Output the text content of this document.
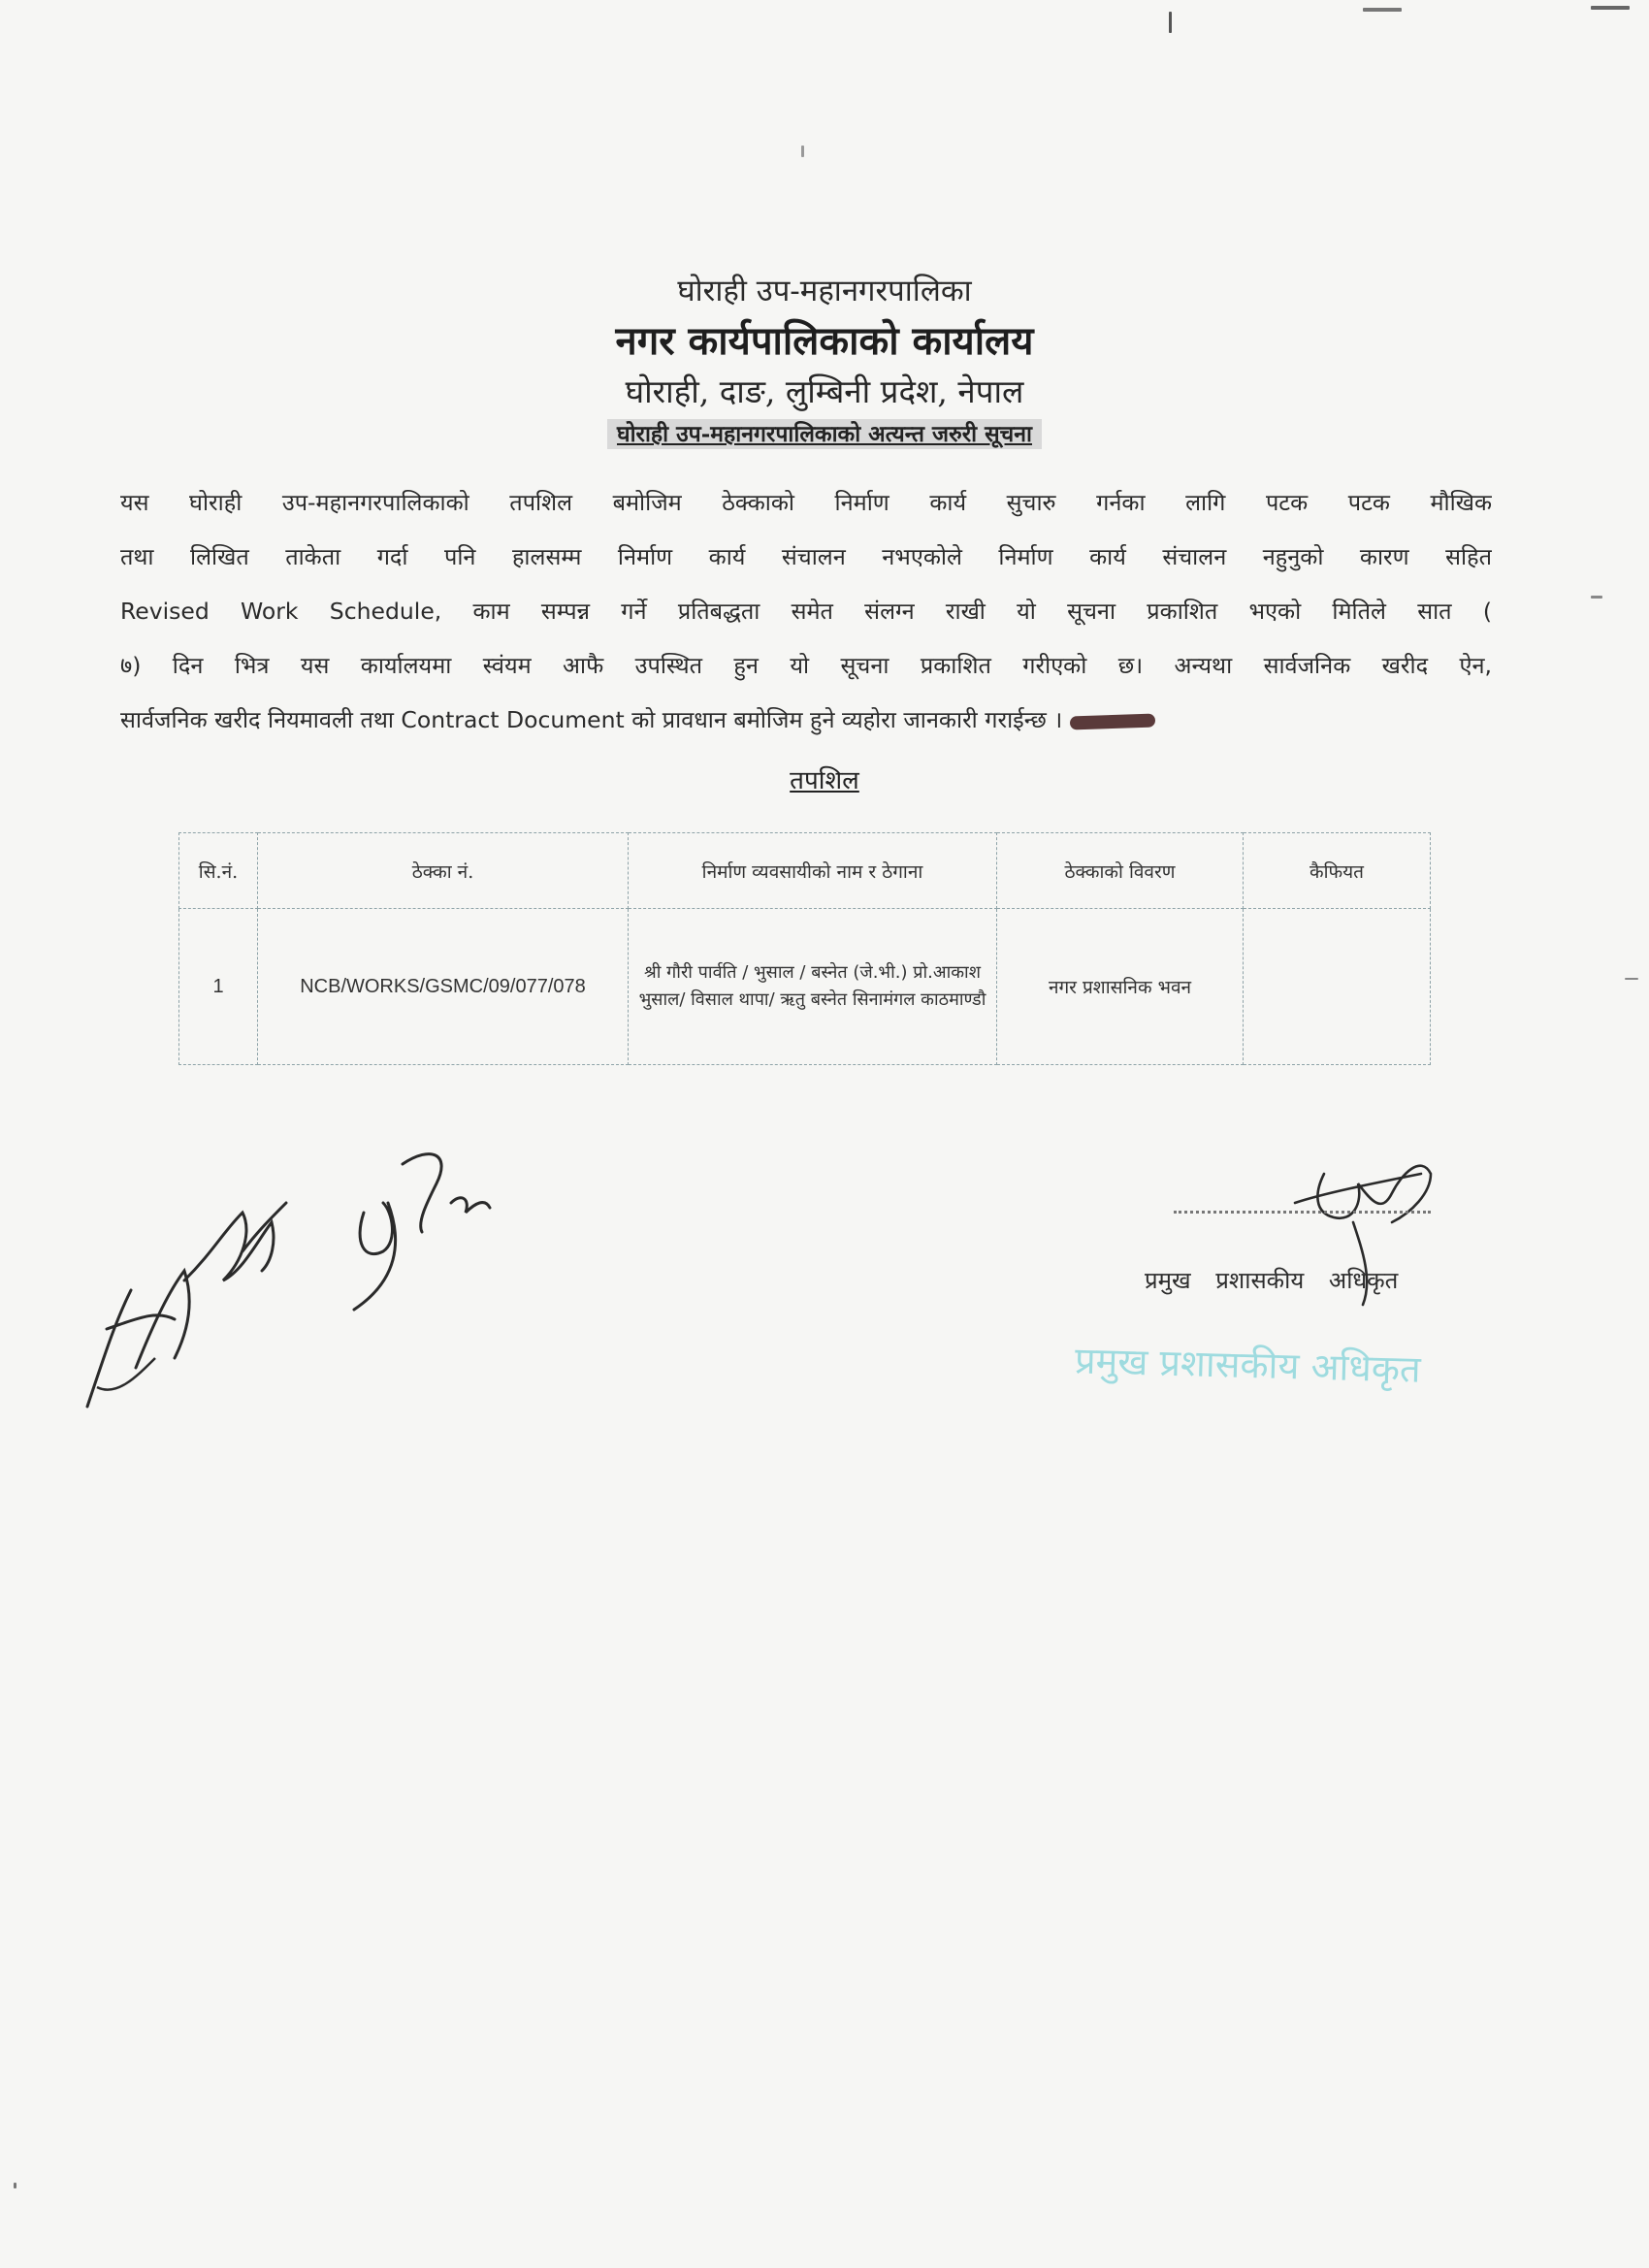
घोराही उप-महानगरपालिका
नगर कार्यपालिकाको कार्यालय
घोराही, दाङ, लुम्बिनी प्रदेश, नेपाल
घोराही उप-महानगरपालिकाको अत्यन्त जरुरी सूचना
यस घोराही उप-महानगरपालिकाको तपशिल बमोजिम ठेक्काको निर्माण कार्य सुचारु गर्नका लागि पटक पटक मौखिक
तथा लिखित ताकेता गर्दा पनि हालसम्म निर्माण कार्य संचालन नभएकोले निर्माण कार्य संचालन नहुनुको कारण सहित
Revised Work Schedule, काम सम्पन्न गर्ने प्रतिबद्धता समेत संलग्न राखी यो सूचना प्रकाशित भएको मितिले सात (
७) दिन भित्र यस कार्यालयमा स्वंयम आफै उपस्थित हुन यो सूचना प्रकाशित गरीएको छ। अन्यथा सार्वजनिक खरीद ऐन,
सार्वजनिक खरीद नियमावली तथा Contract Document को प्रावधान बमोजिम हुने व्यहोरा जानकारी गराईन्छ ।
तपशिल
सि.नं.	ठेक्का नं.	निर्माण व्यवसायीको नाम र ठेगाना	ठेक्काको विवरण	कैफियत
1	NCB/WORKS/GSMC/09/077/078	श्री गौरी पार्वति / भुसाल / बस्नेत (जे.भी.) प्रो.आकाश भुसाल/ विसाल थापा/ ऋतु बस्नेत सिनामंगल काठमाण्डौ	नगर प्रशासनिक भवन	
प्रमुख प्रशासकीय अधिकृत
प्रमुख प्रशासकीय अधिकृत
